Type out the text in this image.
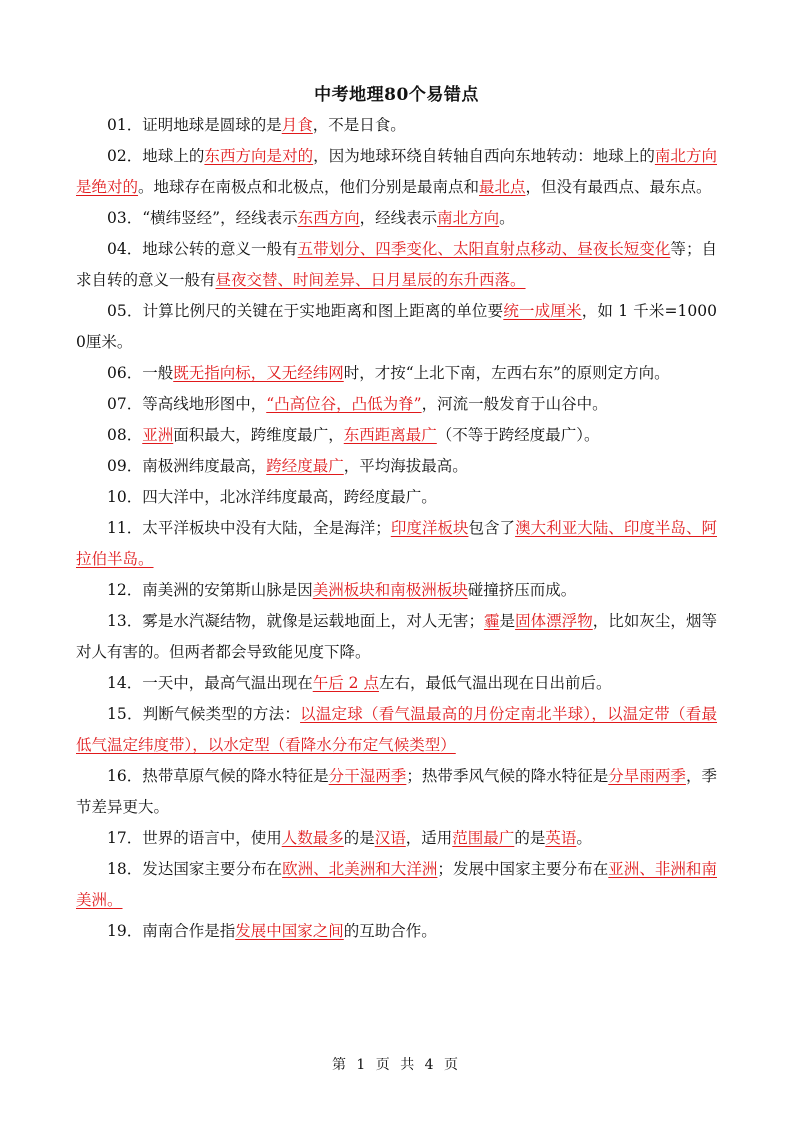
中考地理80个易错点

01．证明地球是圆球的是月食，不是日食。

02．地球上的东西方向是对的，因为地球环绕自转轴自西向东地转动：地球上的南北方向是绝对的。地球存在南极点和北极点，他们分别是最南点和最北点，但没有最西点、最东点。

03．“横纬竖经”，经线表示东西方向，经线表示南北方向。

04．地球公转的意义一般有五带划分、四季变化、太阳直射点移动、昼夜长短变化等；自求自转的意义一般有昼夜交替、时间差异、日月星辰的东升西落。

05．计算比例尺的关键在于实地距离和图上距离的单位要统一成厘米，如 1 千米=10000厘米。

06．一般既无指向标，又无经纬网时，才按“上北下南，左西右东”的原则定方向。

07．等高线地形图中，“凸高位谷，凸低为脊”，河流一般发育于山谷中。

08．亚洲面积最大，跨维度最广，东西距离最广（不等于跨经度最广）。

09．南极洲纬度最高，跨经度最广，平均海拔最高。

10．四大洋中，北冰洋纬度最高，跨经度最广。

11．太平洋板块中没有大陆，全是海洋；印度洋板块包含了澳大利亚大陆、印度半岛、阿拉伯半岛。

12．南美洲的安第斯山脉是因美洲板块和南极洲板块碰撞挤压而成。

13．雾是水汽凝结物，就像是运载地面上，对人无害；霾是固体漂浮物，比如灰尘，烟等对人有害的。但两者都会导致能见度下降。

14．一天中，最高气温出现在午后 2 点左右，最低气温出现在日出前后。

15．判断气候类型的方法：以温定球（看气温最高的月份定南北半球），以温定带（看最低气温定纬度带），以水定型（看降水分布定气候类型）

16．热带草原气候的降水特征是分干湿两季；热带季风气候的降水特征是分旱雨两季，季节差异更大。

17．世界的语言中，使用人数最多的是汉语，适用范围最广的是英语。

18．发达国家主要分布在欧洲、北美洲和大洋洲；发展中国家主要分布在亚洲、非洲和南美洲。

19．南南合作是指发展中国家之间的互助合作。

第 1 页 共 4 页
